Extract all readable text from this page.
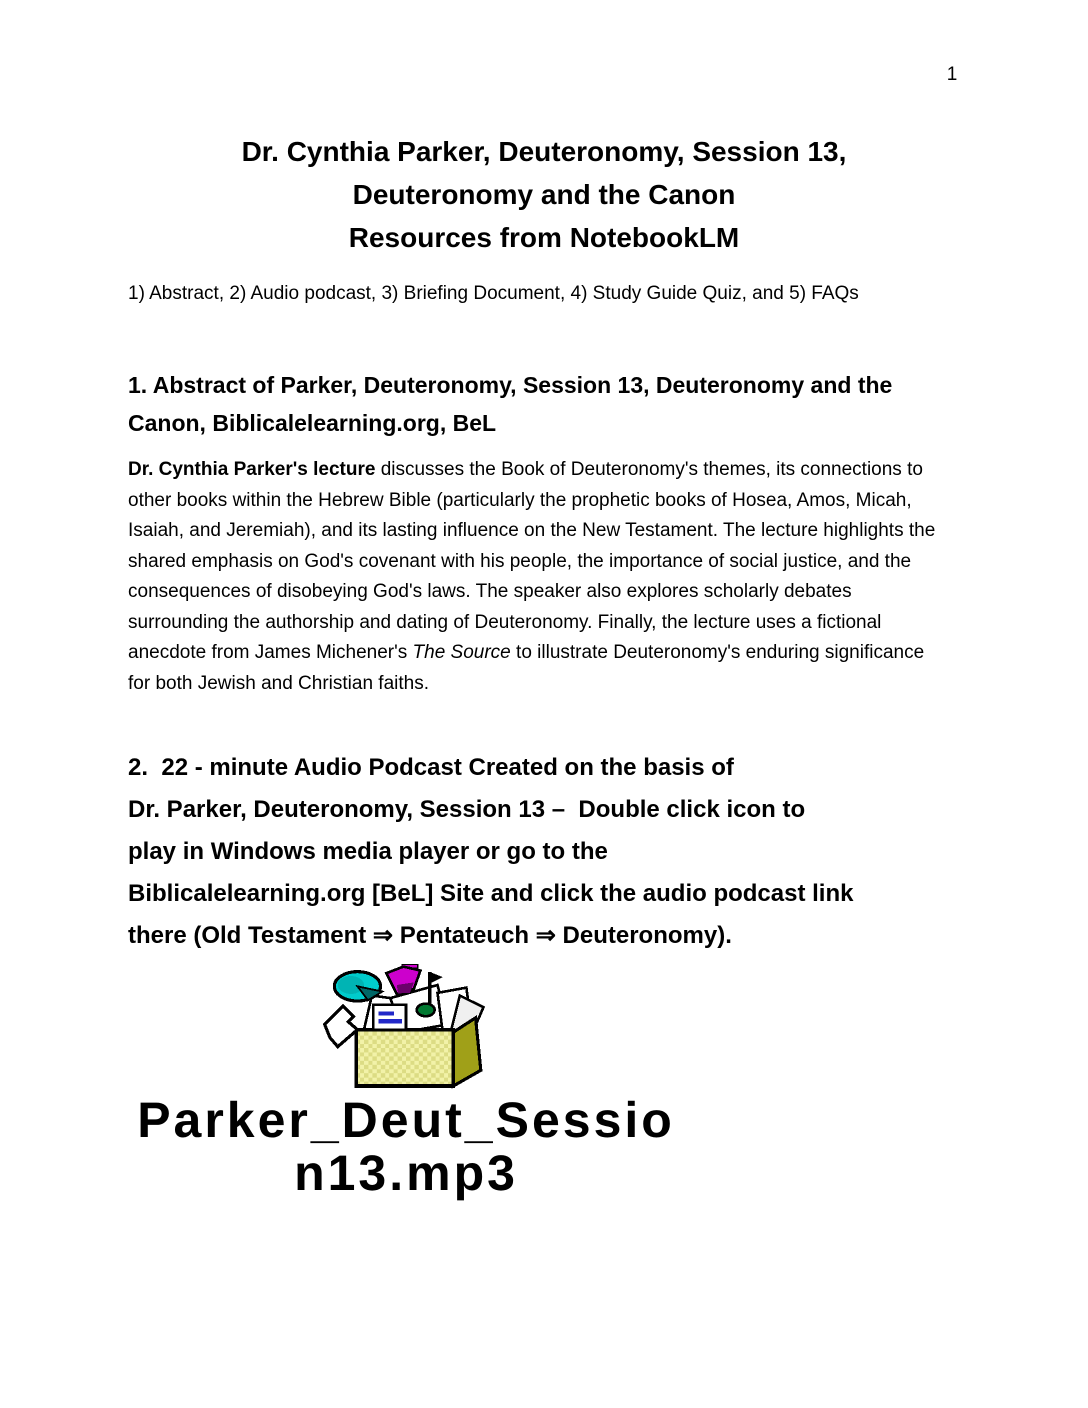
1
Dr. Cynthia Parker, Deuteronomy, Session 13,
Deuteronomy and the Canon
Resources from NotebookLM
1) Abstract, 2) Audio podcast, 3) Briefing Document, 4) Study Guide Quiz, and 5) FAQs
1. Abstract of Parker, Deuteronomy, Session 13, Deuteronomy and the
Canon, Biblicalelearning.org, BeL
Dr. Cynthia Parker's lecture discusses the Book of Deuteronomy's themes, its connections to other books within the Hebrew Bible (particularly the prophetic books of Hosea, Amos, Micah, Isaiah, and Jeremiah), and its lasting influence on the New Testament. The lecture highlights the shared emphasis on God's covenant with his people, the importance of social justice, and the consequences of disobeying God's laws. The speaker also explores scholarly debates surrounding the authorship and dating of Deuteronomy. Finally, the lecture uses a fictional anecdote from James Michener's The Source to illustrate Deuteronomy's enduring significance for both Jewish and Christian faiths.
2.  22 - minute Audio Podcast Created on the basis of
Dr. Parker, Deuteronomy, Session 13 –  Double click icon to
play in Windows media player or go to the
Biblicalelearning.org [BeL] Site and click the audio podcast link
there (Old Testament ⇒ Pentateuch ⇒ Deuteronomy).
Parker_Deut_Sessio
n13.mp3
